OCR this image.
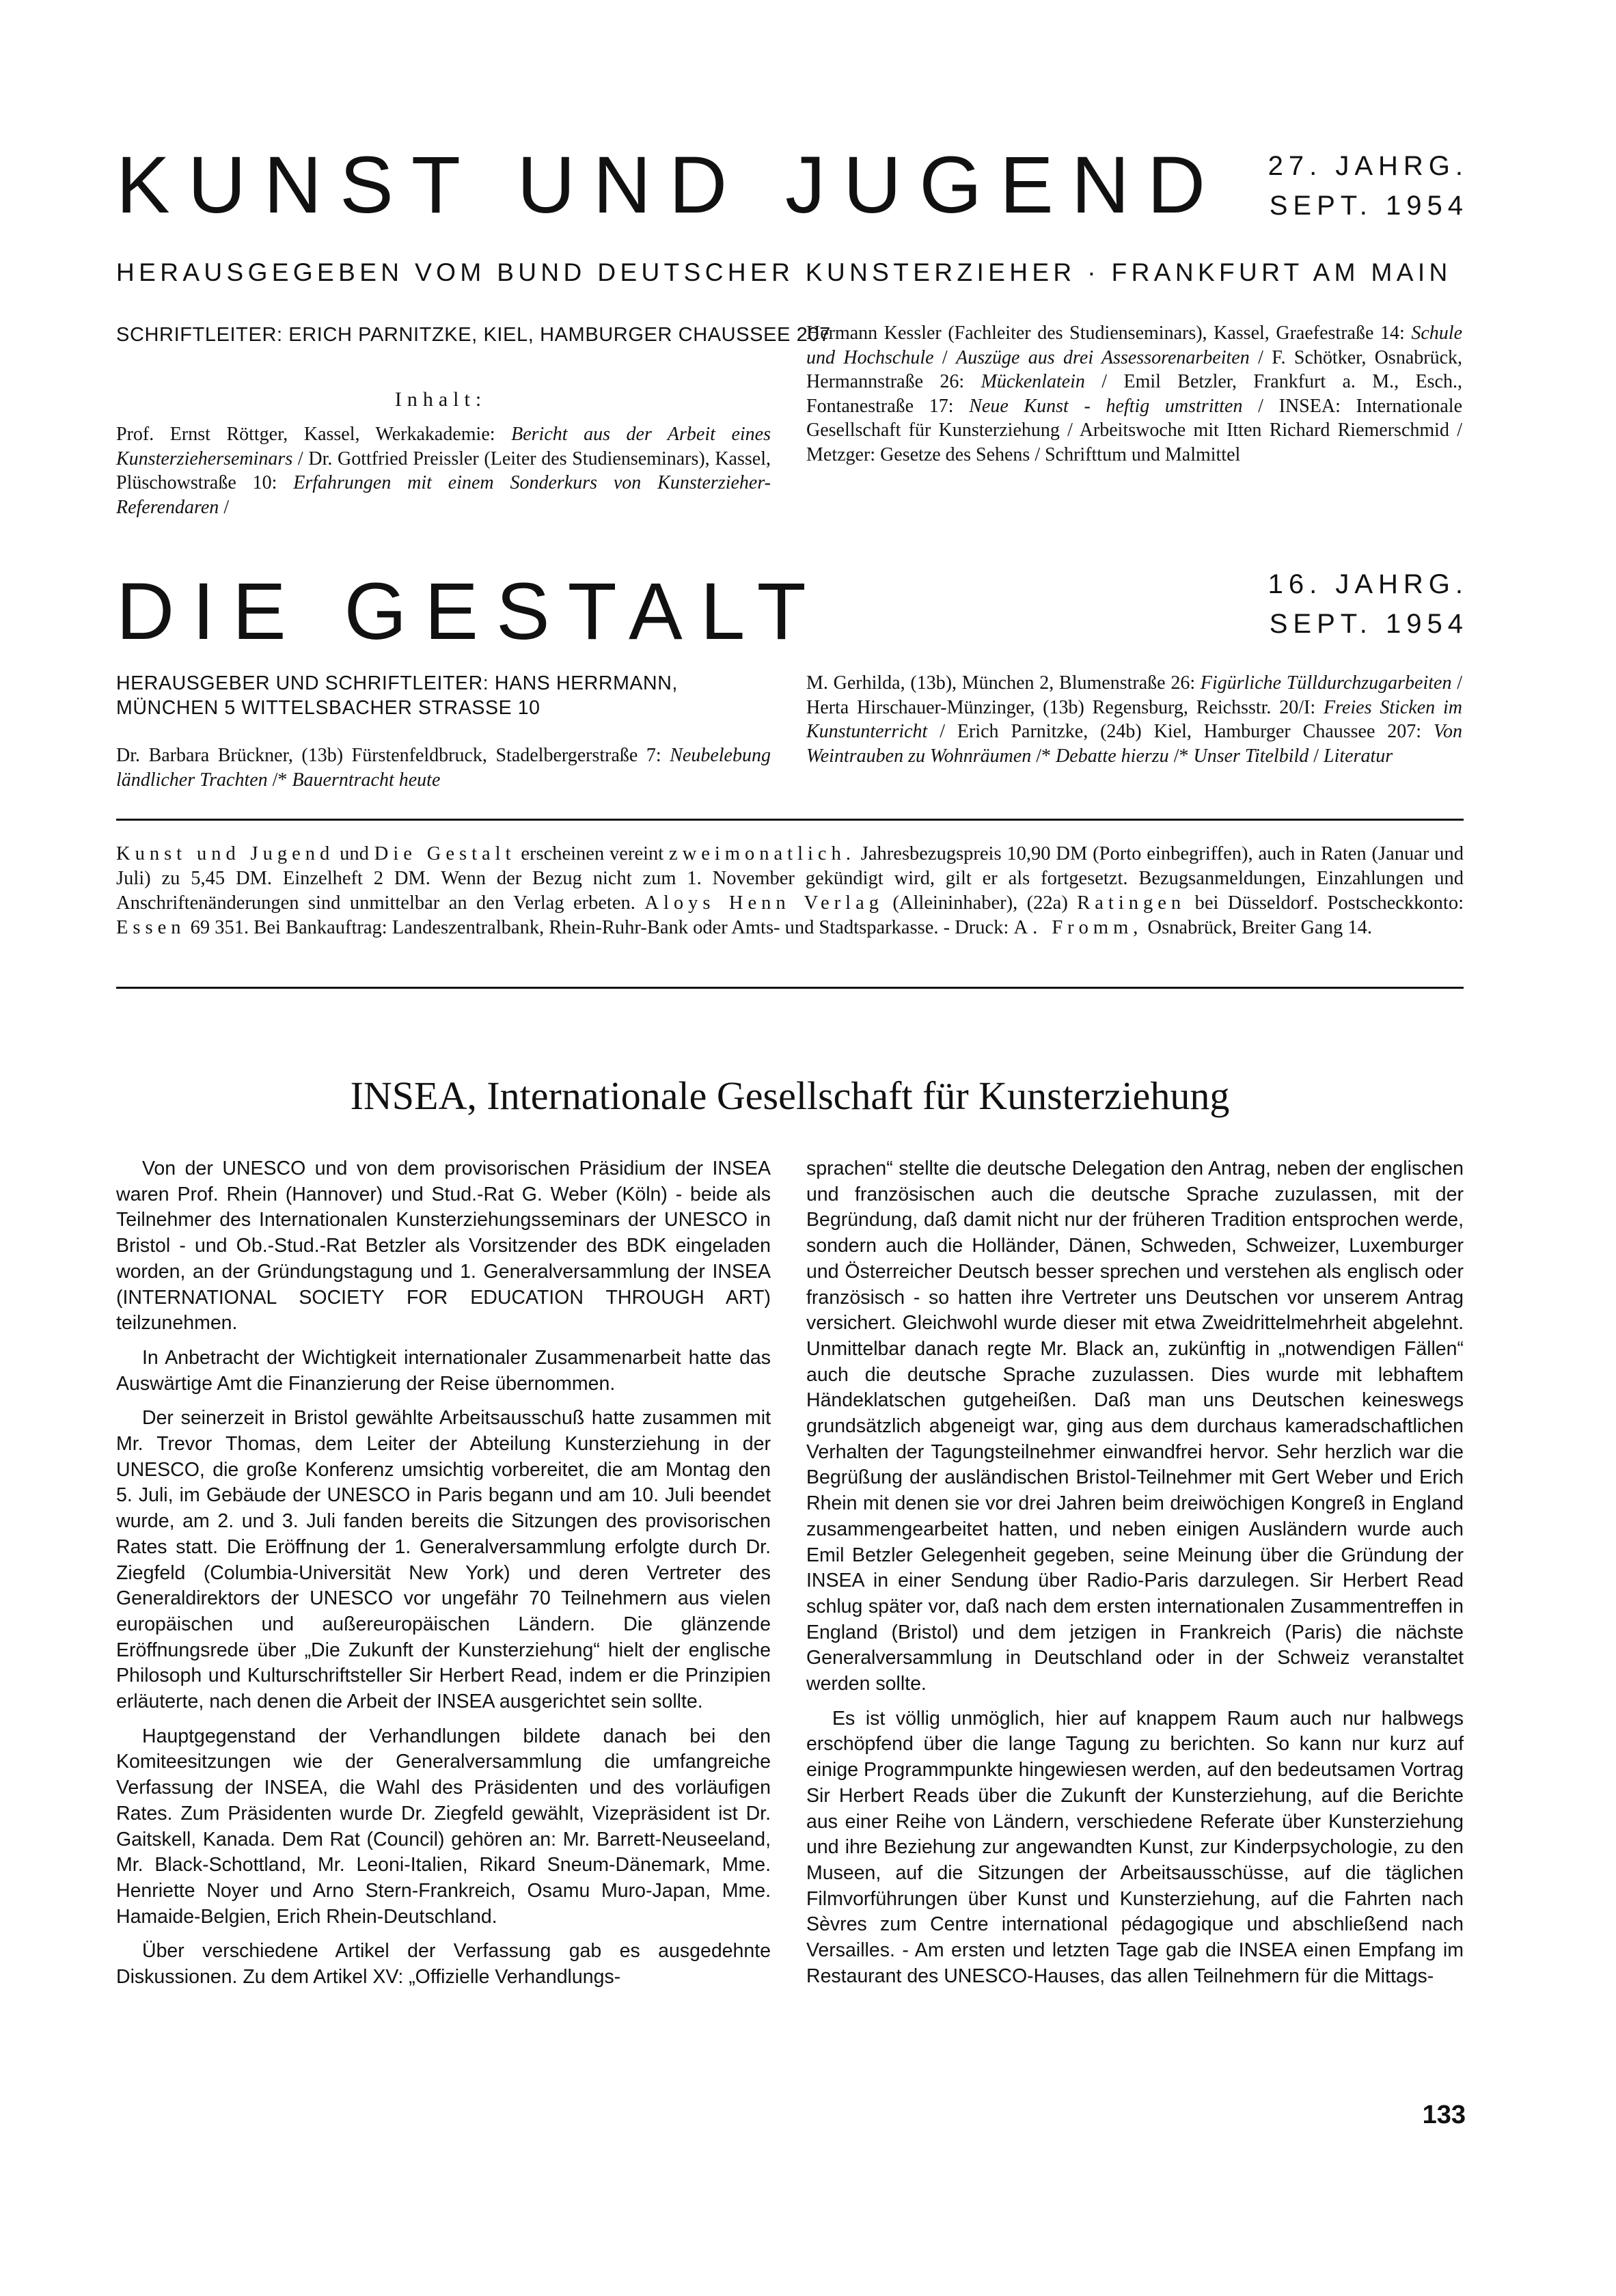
KUNST UND JUGEND 27. JAHRG.
SEPT. 1954
HERAUSGEGEBEN VOM BUND DEUTSCHER KUNSTERZIEHER · FRANKFURT AM MAIN
SCHRIFTLEITER: ERICH PARNITZKE, KIEL, HAMBURGER CHAUSSEE 207
Inhalt:
Prof. Ernst Röttger, Kassel, Werkakademie: Bericht aus der Arbeit eines Kunsterzieherseminars / Dr. Gottfried Preissler (Leiter des Studienseminars), Kassel, Plüschowstraße 10: Erfahrungen mit einem Sonderkurs von Kunsterzieher-Referendaren /
Hermann Kessler (Fachleiter des Studienseminars), Kassel, Graefestraße 14: Schule und Hochschule / Auszüge aus drei Assessorenarbeiten / F. Schötker, Osnabrück, Hermannstraße 26: Mückenlatein / Emil Betzler, Frankfurt a. M., Esch., Fontanestraße 17: Neue Kunst - heftig umstritten / INSEA: Internationale Gesellschaft für Kunsterziehung / Arbeitswoche mit Itten Richard Riemerschmid / Metzger: Gesetze des Sehens / Schrifttum und Malmittel
DIE GESTALT	16. JAHRG.
SEPT. 1954
HERAUSGEBER UND SCHRIFTLEITER: HANS HERRMANN, MÜNCHEN 5 WITTELSBACHER STRASSE 10
Dr. Barbara Brückner, (13b) Fürstenfeldbruck, Stadelbergerstraße 7: Neubelebung ländlicher Trachten /* Bauerntracht heute
M. Gerhilda, (13b), München 2, Blumenstraße 26: Figürliche Tülldurchzugarbeiten / Herta Hirschauer-Münzinger, (13b) Regensburg, Reichsstr. 20/I: Freies Sticken im Kunstunterricht / Erich Parnitzke, (24b) Kiel, Hamburger Chaussee 207: Von Weintrauben zu Wohnräumen /* Debatte hierzu /* Unser Titelbild / Literatur
Kunst und Jugend und Die Gestalt erscheinen vereint zweimonatlich. Jahresbezugspreis 10,90 DM (Porto einbegriffen), auch in Raten (Januar und Juli) zu 5,45 DM. Einzelheft 2 DM. Wenn der Bezug nicht zum 1. November gekündigt wird, gilt er als fortgesetzt. Bezugsanmeldungen, Einzahlungen und Anschriftenänderungen sind unmittelbar an den Verlag erbeten. Aloys Henn Verlag (Alleininhaber), (22a) Ratingen bei Düsseldorf. Postscheckkonto: Essen 69 351. Bei Bankauftrag: Landeszentralbank, Rhein-Ruhr-Bank oder Amts- und Stadtsparkasse. - Druck: A. Fromm, Osnabrück, Breiter Gang 14.
INSEA, Internationale Gesellschaft für Kunsterziehung

Von der UNESCO und von dem provisorischen Präsidium der INSEA waren Prof. Rhein (Hannover) und Stud.-Rat G. Weber (Köln) - beide als Teilnehmer des Internationalen Kunsterziehungsseminars der UNESCO in Bristol - und Ob.-Stud.-Rat Betzler als Vorsitzender des BDK eingeladen worden, an der Gründungstagung und 1. Generalversammlung der INSEA (INTERNATIONAL SOCIETY FOR EDUCATION THROUGH ART) teilzunehmen.

In Anbetracht der Wichtigkeit internationaler Zusammenarbeit hatte das Auswärtige Amt die Finanzierung der Reise übernommen.

Der seinerzeit in Bristol gewählte Arbeitsausschuß hatte zusammen mit Mr. Trevor Thomas, dem Leiter der Abteilung Kunsterziehung in der UNESCO, die große Konferenz umsichtig vorbereitet, die am Montag den 5. Juli, im Gebäude der UNESCO in Paris begann und am 10. Juli beendet wurde, am 2. und 3. Juli fanden bereits die Sitzungen des provisorischen Rates statt. Die Eröffnung der 1. Generalversammlung erfolgte durch Dr. Ziegfeld (Columbia-Universität New York) und deren Vertreter des Generaldirektors der UNESCO vor ungefähr 70 Teilnehmern aus vielen europäischen und außereuropäischen Ländern. Die glänzende Eröffnungsrede über „Die Zukunft der Kunsterziehung“ hielt der englische Philosoph und Kulturschriftsteller Sir Herbert Read, indem er die Prinzipien erläuterte, nach denen die Arbeit der INSEA ausgerichtet sein sollte.

Hauptgegenstand der Verhandlungen bildete danach bei den Komiteesitzungen wie der Generalversammlung die umfangreiche Verfassung der INSEA, die Wahl des Präsidenten und des vorläufigen Rates. Zum Präsidenten wurde Dr. Ziegfeld gewählt, Vizepräsident ist Dr. Gaitskell, Kanada. Dem Rat (Council) gehören an: Mr. Barrett-Neuseeland, Mr. Black-Schottland, Mr. Leoni-Italien, Rikard Sneum-Dänemark, Mme. Henriette Noyer und Arno Stern-Frankreich, Osamu Muro-Japan, Mme. Hamaide-Belgien, Erich Rhein-Deutschland.

Über verschiedene Artikel der Verfassung gab es ausgedehnte Diskussionen. Zu dem Artikel XV: „Offizielle Verhandlungs-

sprachen“ stellte die deutsche Delegation den Antrag, neben der englischen und französischen auch die deutsche Sprache zuzulassen, mit der Begründung, daß damit nicht nur der früheren Tradition entsprochen werde, sondern auch die Holländer, Dänen, Schweden, Schweizer, Luxemburger und Österreicher Deutsch besser sprechen und verstehen als englisch oder französisch - so hatten ihre Vertreter uns Deutschen vor unserem Antrag versichert. Gleichwohl wurde dieser mit etwa Zweidrittelmehrheit abgelehnt. Unmittelbar danach regte Mr. Black an, zukünftig in „notwendigen Fällen“ auch die deutsche Sprache zuzulassen. Dies wurde mit lebhaftem Händeklatschen gutgeheißen. Daß man uns Deutschen keineswegs grundsätzlich abgeneigt war, ging aus dem durchaus kameradschaftlichen Verhalten der Tagungsteilnehmer einwandfrei hervor. Sehr herzlich war die Begrüßung der ausländischen Bristol-Teilnehmer mit Gert Weber und Erich Rhein mit denen sie vor drei Jahren beim dreiwöchigen Kongreß in England zusammengearbeitet hatten, und neben einigen Ausländern wurde auch Emil Betzler Gelegenheit gegeben, seine Meinung über die Gründung der INSEA in einer Sendung über Radio-Paris darzulegen. Sir Herbert Read schlug später vor, daß nach dem ersten internationalen Zusammentreffen in England (Bristol) und dem jetzigen in Frankreich (Paris) die nächste Generalversammlung in Deutschland oder in der Schweiz veranstaltet werden sollte.

Es ist völlig unmöglich, hier auf knappem Raum auch nur halbwegs erschöpfend über die lange Tagung zu berichten. So kann nur kurz auf einige Programmpunkte hingewiesen werden, auf den bedeutsamen Vortrag Sir Herbert Reads über die Zukunft der Kunsterziehung, auf die Berichte aus einer Reihe von Ländern, verschiedene Referate über Kunsterziehung und ihre Beziehung zur angewandten Kunst, zur Kinderpsychologie, zu den Museen, auf die Sitzungen der Arbeitsausschüsse, auf die täglichen Filmvorführungen über Kunst und Kunsterziehung, auf die Fahrten nach Sèvres zum Centre international pédagogique und abschließend nach Versailles. - Am ersten und letzten Tage gab die INSEA einen Empfang im Restaurant des UNESCO-Hauses, das allen Teilnehmern für die Mittags-

133
